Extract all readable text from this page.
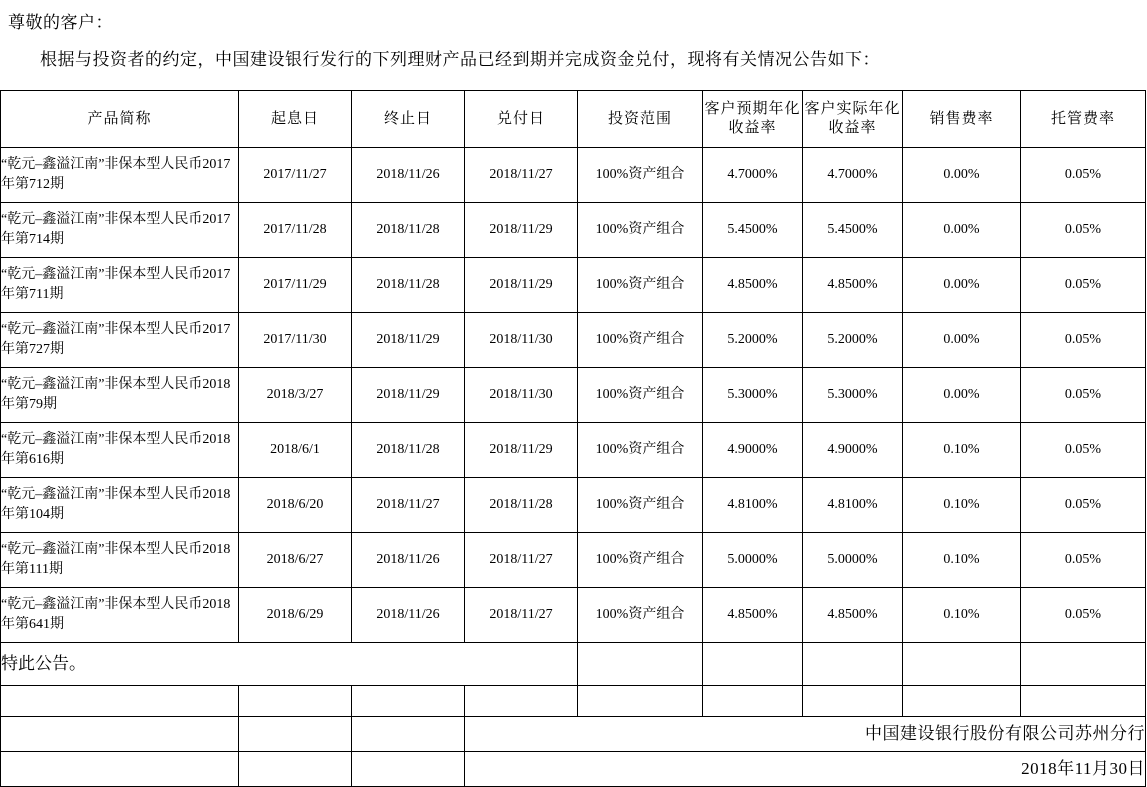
尊敬的客户：
根据与投资者的约定，中国建设银行发行的下列理财产品已经到期并完成资金兑付，现将有关情况公告如下：
产品简称	起息日	终止日	兑付日	投资范围	客户预期年化收益率	客户实际年化收益率	销售费率	托管费率
“乾元–鑫溢江南”非保本型人民币2017年第712期	2017/11/27	2018/11/26	2018/11/27	100%资产组合	4.7000%	4.7000%	0.00%	0.05%
“乾元–鑫溢江南”非保本型人民币2017年第714期	2017/11/28	2018/11/28	2018/11/29	100%资产组合	5.4500%	5.4500%	0.00%	0.05%
“乾元–鑫溢江南”非保本型人民币2017年第711期	2017/11/29	2018/11/28	2018/11/29	100%资产组合	4.8500%	4.8500%	0.00%	0.05%
“乾元–鑫溢江南”非保本型人民币2017年第727期	2017/11/30	2018/11/29	2018/11/30	100%资产组合	5.2000%	5.2000%	0.00%	0.05%
“乾元–鑫溢江南”非保本型人民币2018年第79期	2018/3/27	2018/11/29	2018/11/30	100%资产组合	5.3000%	5.3000%	0.00%	0.05%
“乾元–鑫溢江南”非保本型人民币2018年第616期	2018/6/1	2018/11/28	2018/11/29	100%资产组合	4.9000%	4.9000%	0.10%	0.05%
“乾元–鑫溢江南”非保本型人民币2018年第104期	2018/6/20	2018/11/27	2018/11/28	100%资产组合	4.8100%	4.8100%	0.10%	0.05%
“乾元–鑫溢江南”非保本型人民币2018年第111期	2018/6/27	2018/11/26	2018/11/27	100%资产组合	5.0000%	5.0000%	0.10%	0.05%
“乾元–鑫溢江南”非保本型人民币2018年第641期	2018/6/29	2018/11/26	2018/11/27	100%资产组合	4.8500%	4.8500%	0.10%	0.05%
特此公告。								

			中国建设银行股份有限公司苏州分行					
			2018年11月30日					
